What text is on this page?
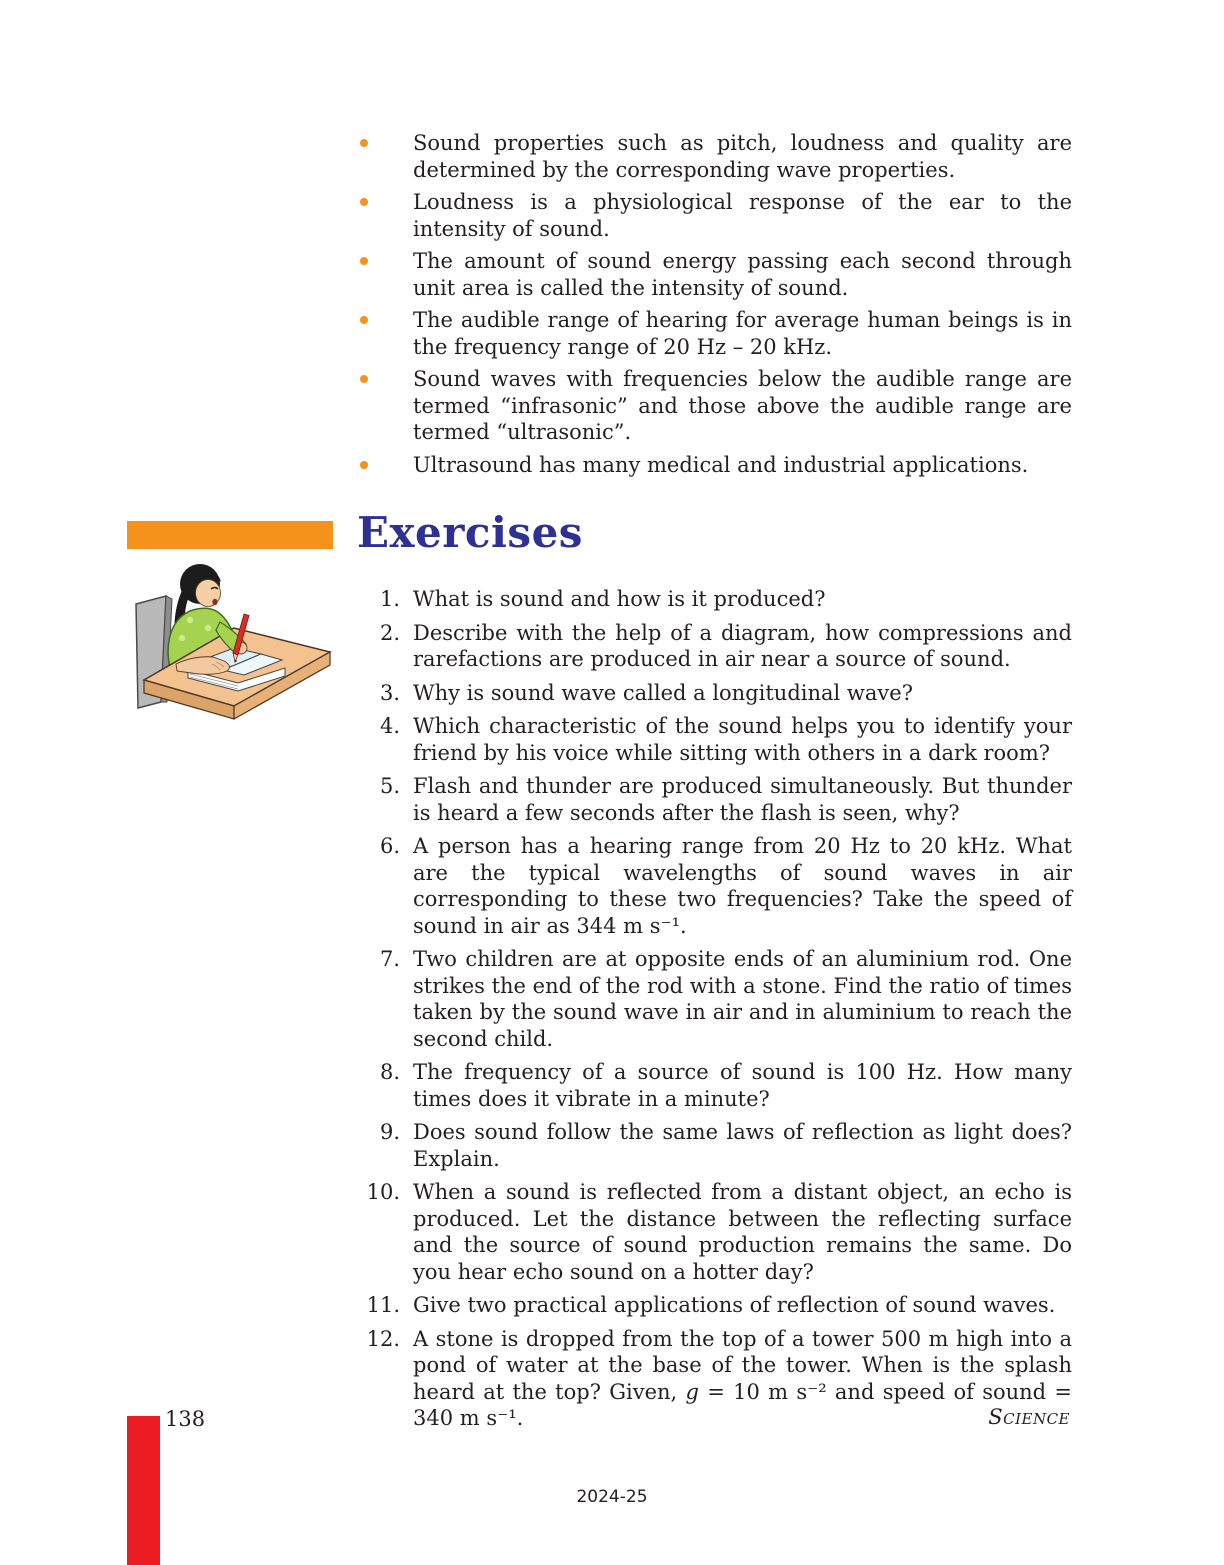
Sound properties such as pitch, loudness and quality are determined by the corresponding wave properties.
Loudness is a physiological response of the ear to the intensity of sound.
The amount of sound energy passing each second through unit area is called the intensity of sound.
The audible range of hearing for average human beings is in the frequency range of 20 Hz – 20 kHz.
Sound waves with frequencies below the audible range are termed “infrasonic” and those above the audible range are termed “ultrasonic”.
Ultrasound has many medical and industrial applications.
Exercises
1. What is sound and how is it produced?
2. Describe with the help of a diagram, how compressions and rarefactions are produced in air near a source of sound.
3. Why is sound wave called a longitudinal wave?
4. Which characteristic of the sound helps you to identify your friend by his voice while sitting with others in a dark room?
5. Flash and thunder are produced simultaneously. But thunder is heard a few seconds after the flash is seen, why?
6. A person has a hearing range from 20 Hz to 20 kHz. What are the typical wavelengths of sound waves in air corresponding to these two frequencies? Take the speed of sound in air as 344 m s⁻¹.
7. Two children are at opposite ends of an aluminium rod. One strikes the end of the rod with a stone. Find the ratio of times taken by the sound wave in air and in aluminium to reach the second child.
8. The frequency of a source of sound is 100 Hz. How many times does it vibrate in a minute?
9. Does sound follow the same laws of reflection as light does? Explain.
10. When a sound is reflected from a distant object, an echo is produced. Let the distance between the reflecting surface and the source of sound production remains the same. Do you hear echo sound on a hotter day?
11. Give two practical applications of reflection of sound waves.
12. A stone is dropped from the top of a tower 500 m high into a pond of water at the base of the tower. When is the splash heard at the top? Given, g = 10 m s⁻² and speed of sound = 340 m s⁻¹.
138	SCIENCE
2024-25
